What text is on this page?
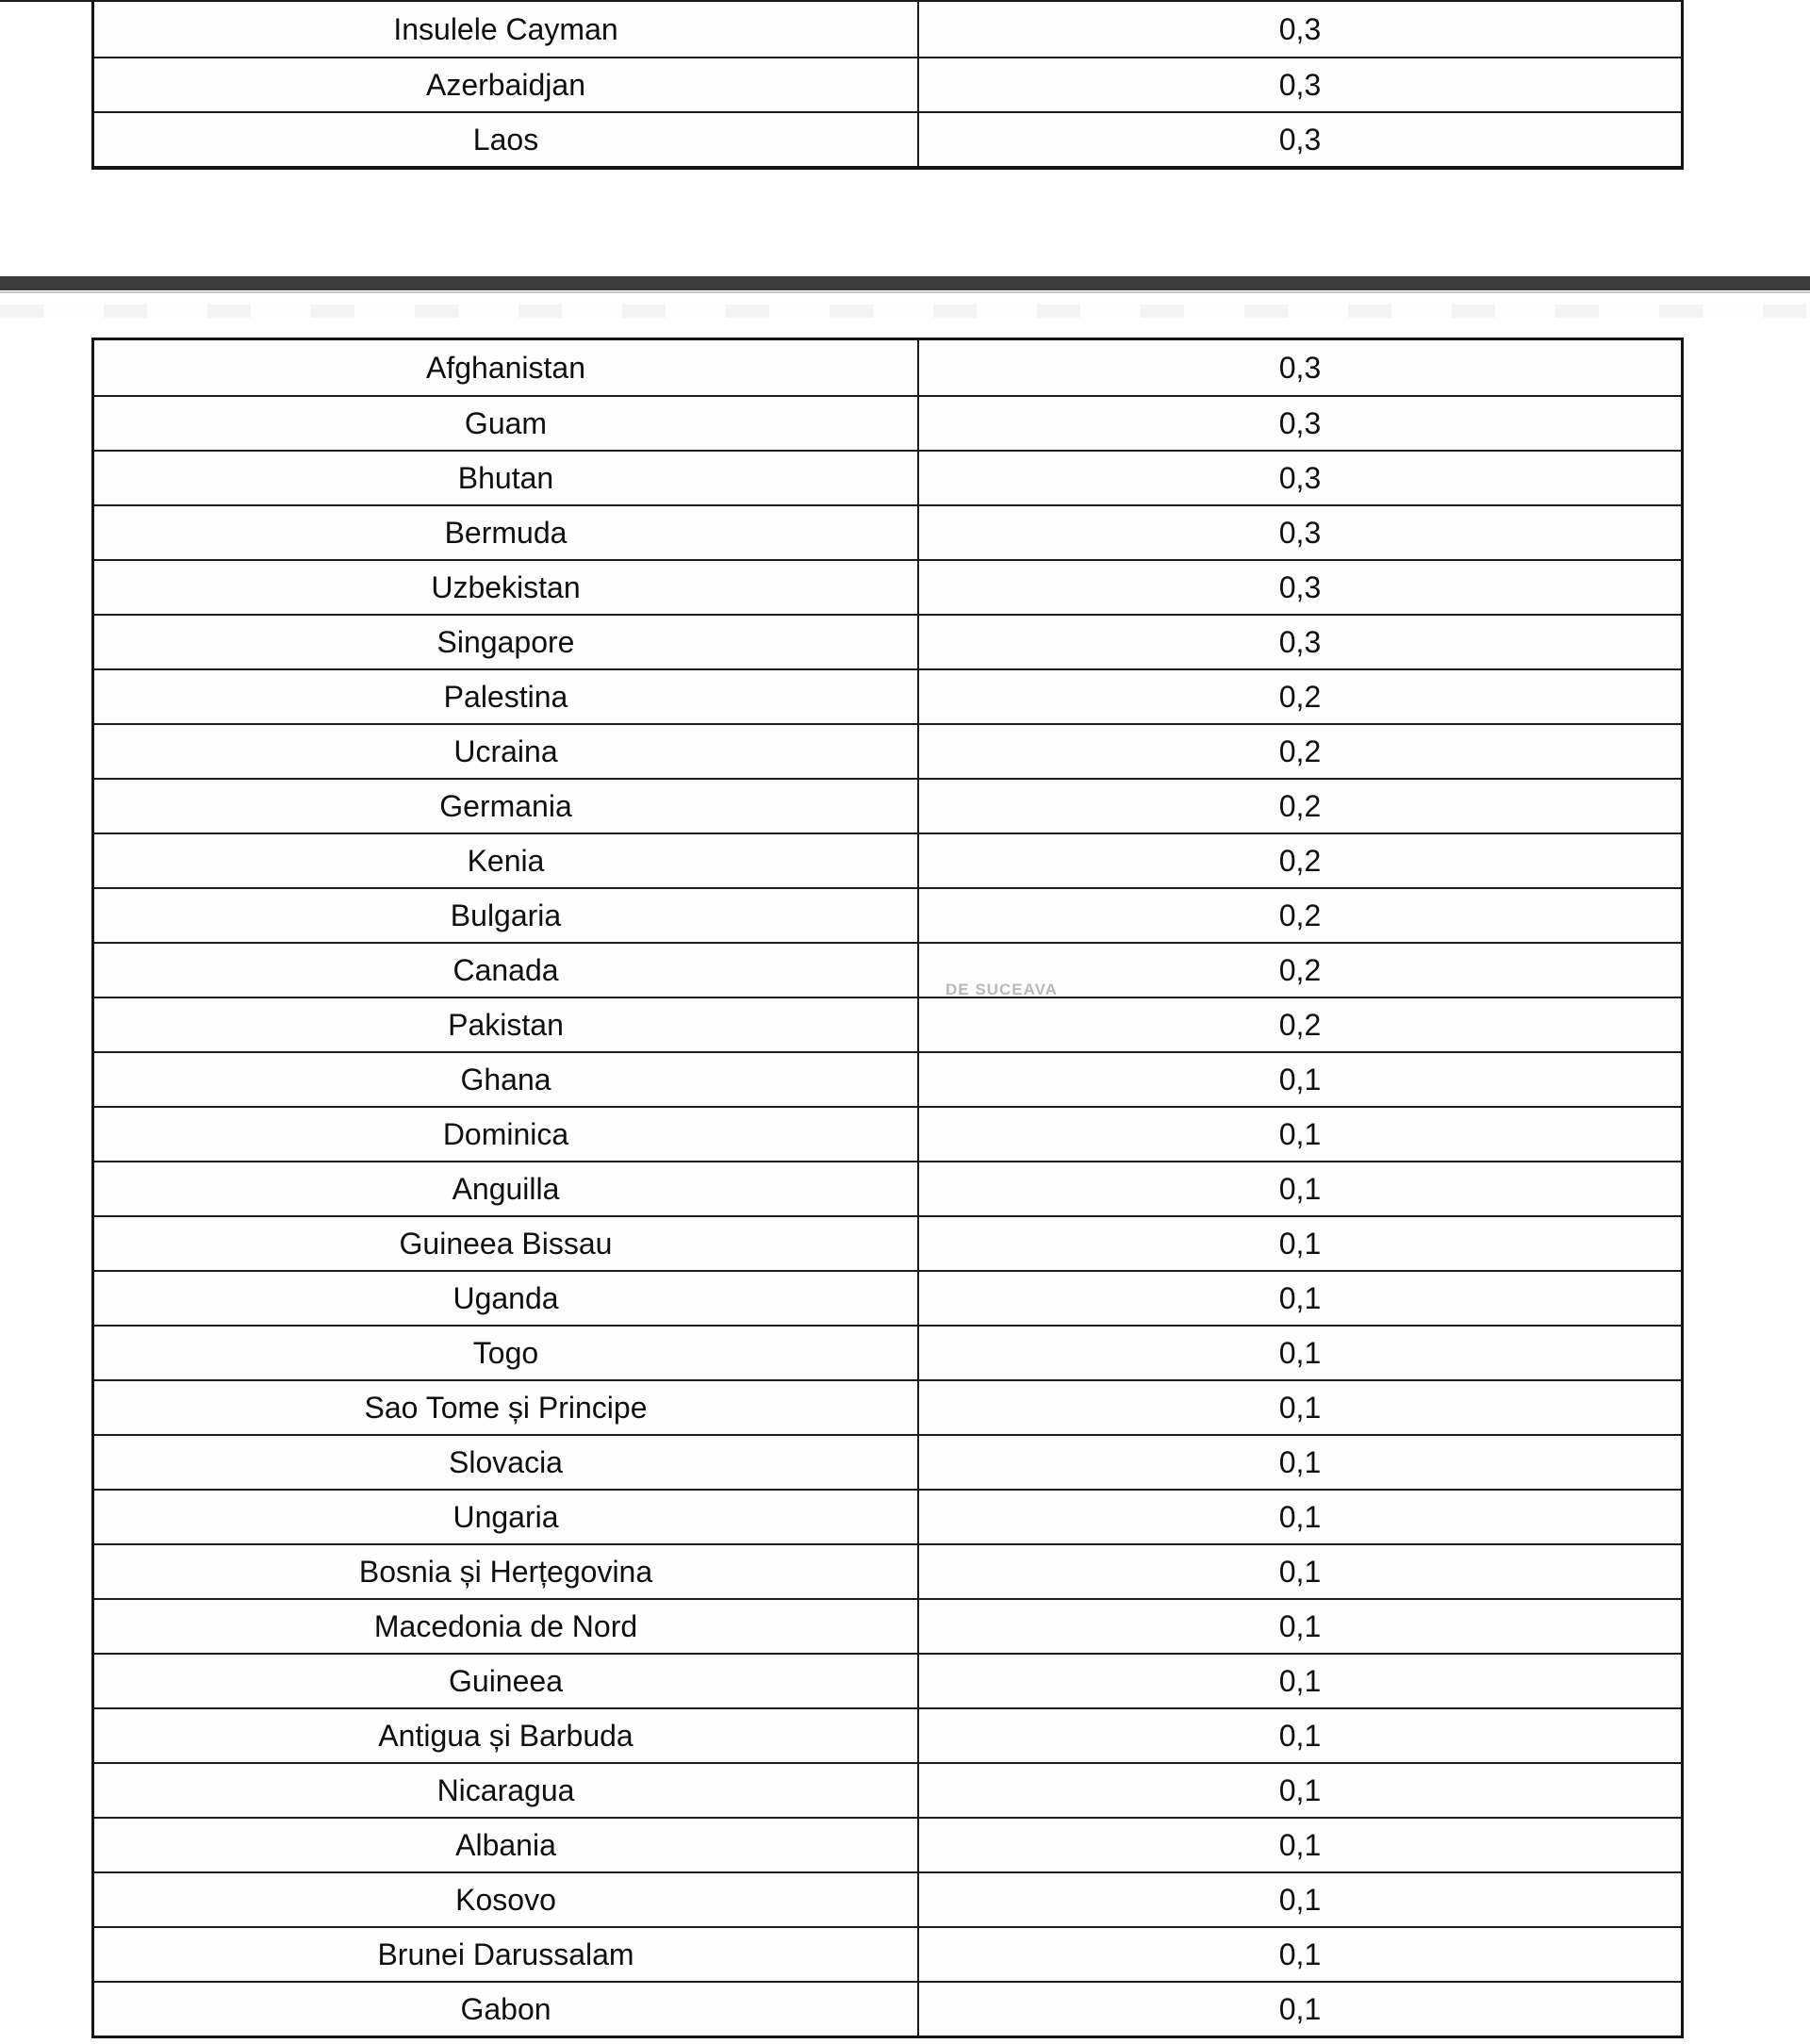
Insulele Cayman	0,3
Azerbaidjan	0,3
Laos	0,3
Afghanistan	0,3
Guam	0,3
Bhutan	0,3
Bermuda	0,3
Uzbekistan	0,3
Singapore	0,3
Palestina	0,2
Ucraina	0,2
Germania	0,2
Kenia	0,2
Bulgaria	0,2
Canada	0,2
Pakistan	0,2
Ghana	0,1
Dominica	0,1
Anguilla	0,1
Guineea Bissau	0,1
Uganda	0,1
Togo	0,1
Sao Tome și Principe	0,1
Slovacia	0,1
Ungaria	0,1
Bosnia și Herțegovina	0,1
Macedonia de Nord	0,1
Guineea	0,1
Antigua și Barbuda	0,1
Nicaragua	0,1
Albania	0,1
Kosovo	0,1
Brunei Darussalam	0,1
Gabon	0,1
DE SUCEAVA
